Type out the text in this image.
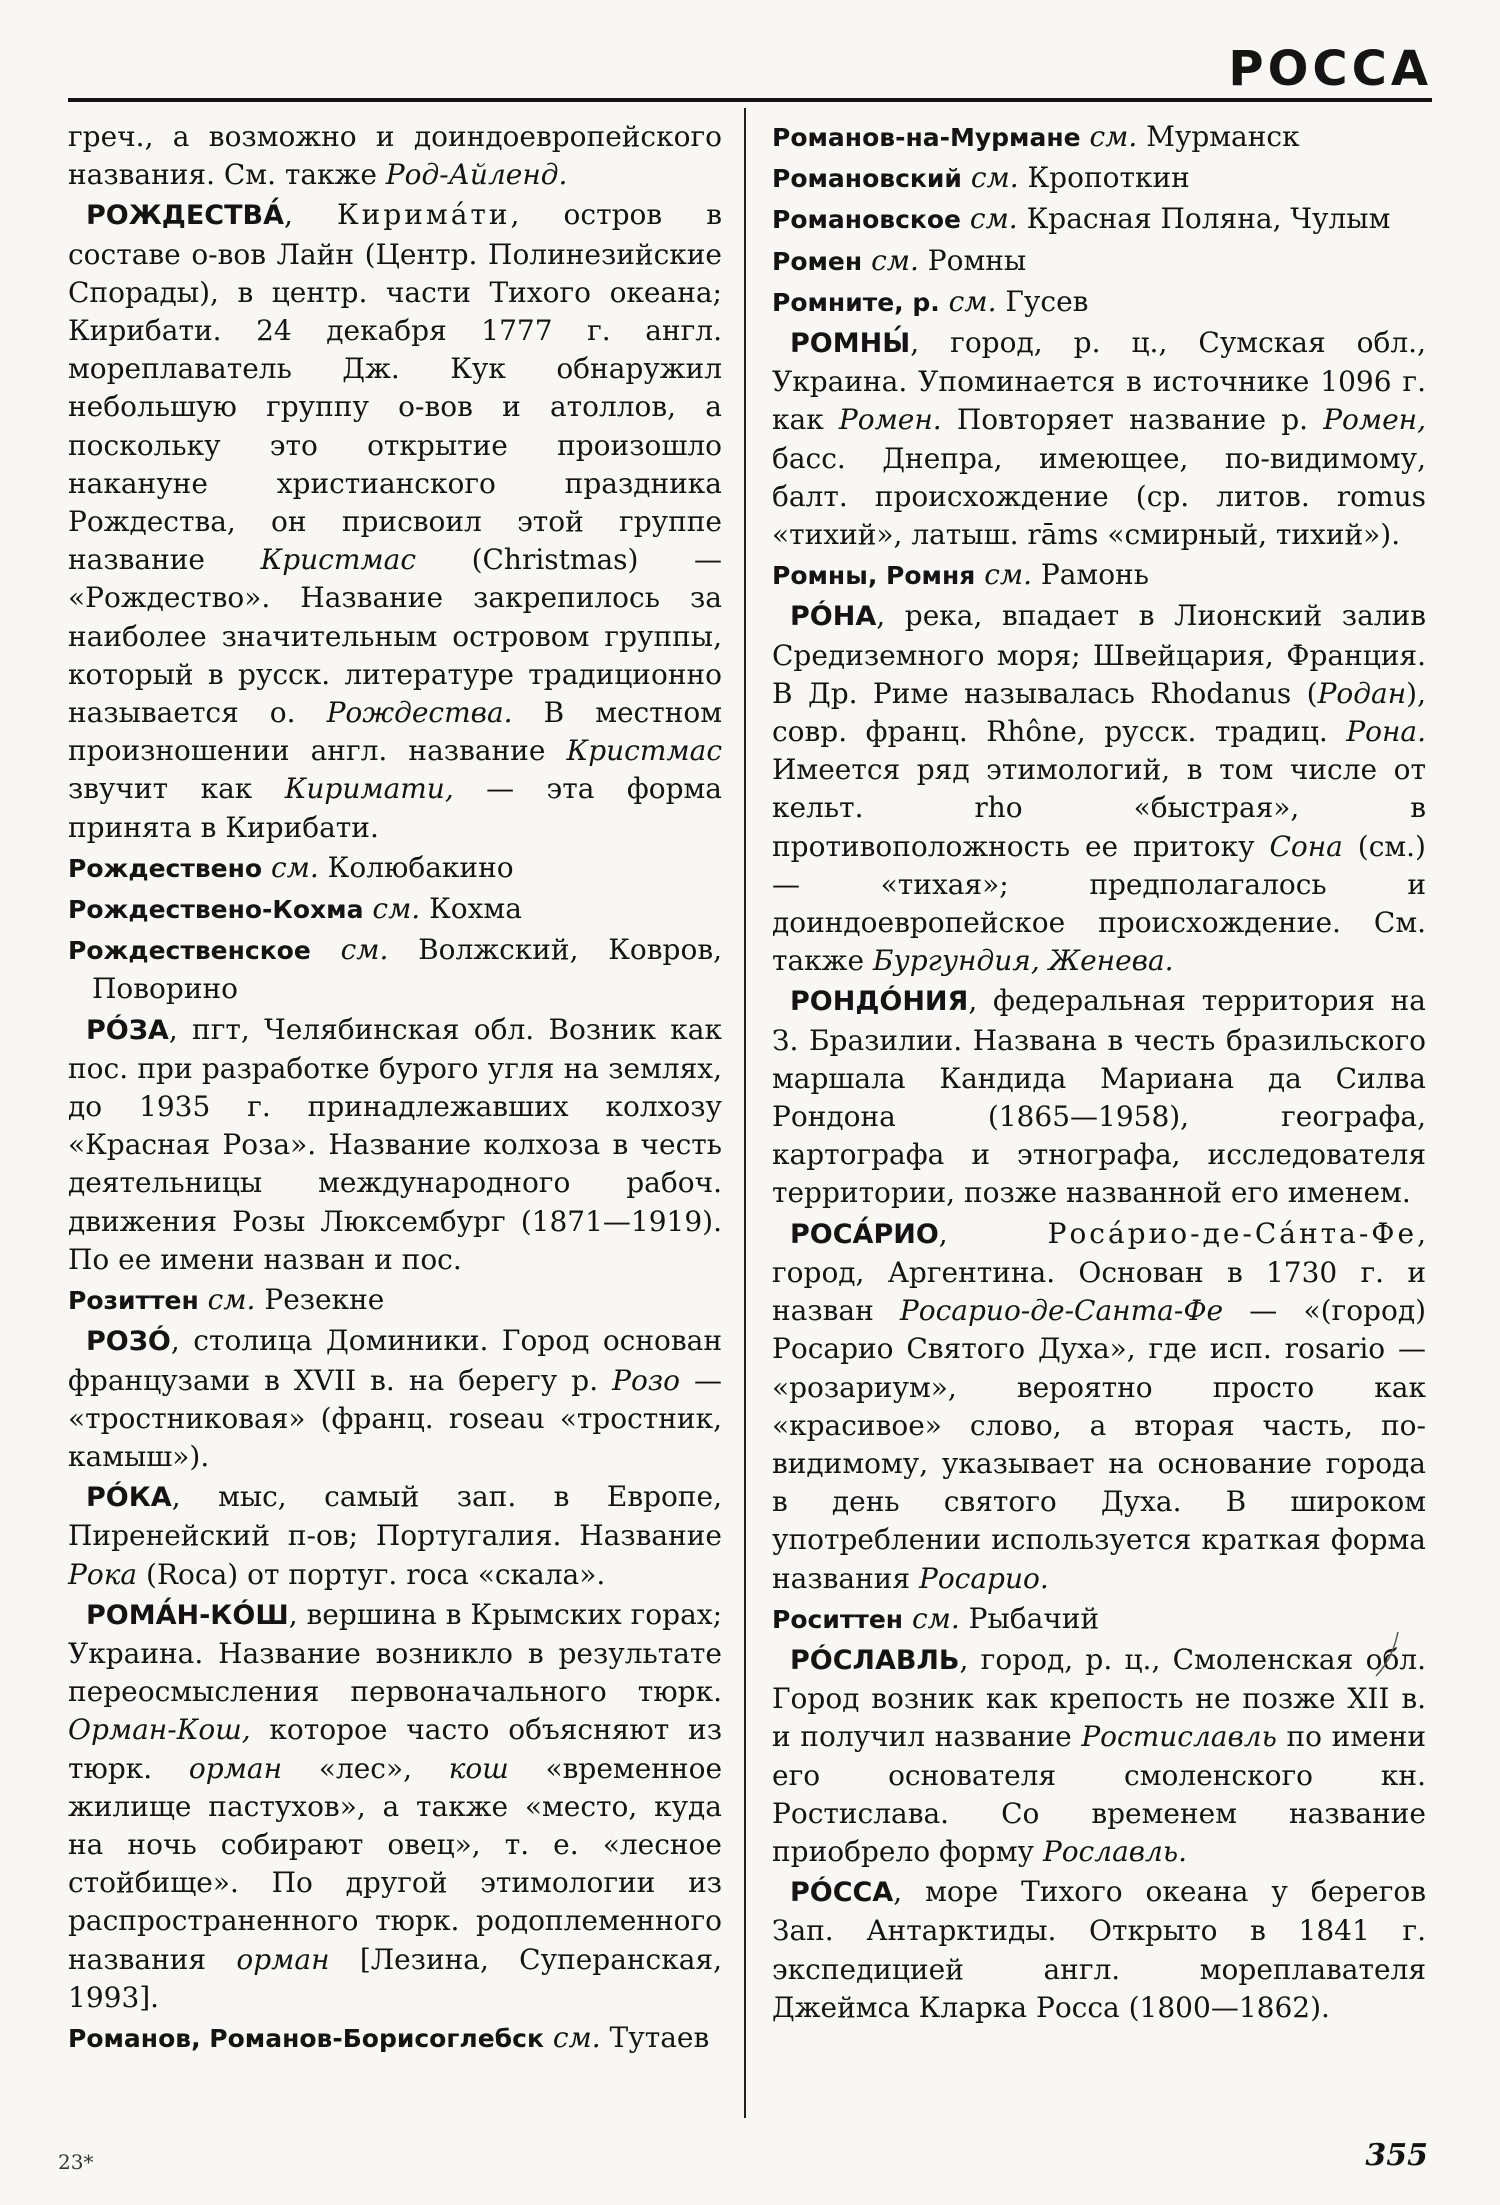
РОССА

греч., а возможно и доиндоевропейского названия. См. также Род-Айленд.

РОЖДЕСТВА́, Кирима́ти, остров в составе о-вов Лайн (Центр. Полинезийские Спорады), в центр. части Тихого океана; Кирибати. 24 декабря 1777 г. англ. мореплаватель Дж. Кук обнаружил небольшую группу о-вов и атоллов, а поскольку это открытие произошло накануне христианского праздника Рождества, он присвоил этой группе название Кристмас (Christmas) — «Рождество». Название закрепилось за наиболее значительным островом группы, который в русск. литературе традиционно называется о. Рождества. В местном произношении англ. название Кристмас звучит как Киримати, — эта форма принята в Кирибати.

Рождествено см. Колюбакино

Рождествено-Кохма см. Кохма

Рождественское см. Волжский, Ковров, Поворино

РÓЗА, пгт, Челябинская обл. Возник как пос. при разработке бурого угля на землях, до 1935 г. принадлежавших колхозу «Красная Роза». Название колхоза в честь деятельницы международного рабоч. движения Розы Люксембург (1871—1919). По ее имени назван и пос.

Розиттен см. Резекне

РОЗÓ, столица Доминики. Город основан французами в XVII в. на берегу р. Розо — «тростниковая» (франц. roseau «тростник, камыш»).

РÓКА, мыс, самый зап. в Европе, Пиренейский п-ов; Португалия. Название Рока (Roca) от португ. roca «скала».

РОМА́Н-КÓШ, вершина в Крымских горах; Украина. Название возникло в результате переосмысления первоначального тюрк. Орман-Кош, которое часто объясняют из тюрк. орман «лес», кош «временное жилище пастухов», а также «место, куда на ночь собирают овец», т. е. «лесное стойбище». По другой этимологии из распространенного тюрк. родоплеменного названия орман [Лезина, Суперанская, 1993].

Романов, Романов-Борисоглебск см. Тутаев

Романов-на-Мурмане см. Мурманск

Романовский см. Кропоткин

Романовское см. Красная Поляна, Чулым

Ромен см. Ромны

Ромните, р. см. Гусев

РОМНЫ́, город, р. ц., Сумская обл., Украина. Упоминается в источнике 1096 г. как Ромен. Повторяет название р. Ромен, басс. Днепра, имеющее, по-видимому, балт. происхождение (ср. литов. romus «тихий», латыш. rāms «смирный, тихий»).

Ромны, Ромня см. Рамонь

РÓНА, река, впадает в Лионский залив Средиземного моря; Швейцария, Франция. В Др. Риме называлась Rhodanus (Родан), совр. франц. Rhône, русск. традиц. Рона. Имеется ряд этимологий, в том числе от кельт. rho «быстрая», в противоположность ее притоку Сона (см.) — «тихая»; предполагалось и доиндоевропейское происхождение. См. также Бургундия, Женева.

РОНДÓНИЯ, федеральная территория на З. Бразилии. Названа в честь бразильского маршала Кандида Мариана да Силва Рондона (1865—1958), географа, картографа и этнографа, исследователя территории, позже названной его именем.

РОСА́РИО, Роса́рио-де-Са́нта-Фе, город, Аргентина. Основан в 1730 г. и назван Росарио-де-Санта-Фе — «(город) Росарио Святого Духа», где исп. rosario — «розариум», вероятно просто как «красивое» слово, а вторая часть, по-видимому, указывает на основание города в день святого Духа. В широком употреблении используется краткая форма названия Росарио.

Роситтен см. Рыбачий

РÓСЛАВЛЬ, город, р. ц., Смоленская обл. Город возник как крепость не позже XII в. и получил название Ростиславль по имени его основателя смоленского кн. Ростислава. Со временем название приобрело форму Рославль.

РÓССА, море Тихого океана у берегов Зап. Антарктиды. Открыто в 1841 г. экспедицией англ. мореплавателя Джеймса Кларка Росса (1800—1862).

23*	355
